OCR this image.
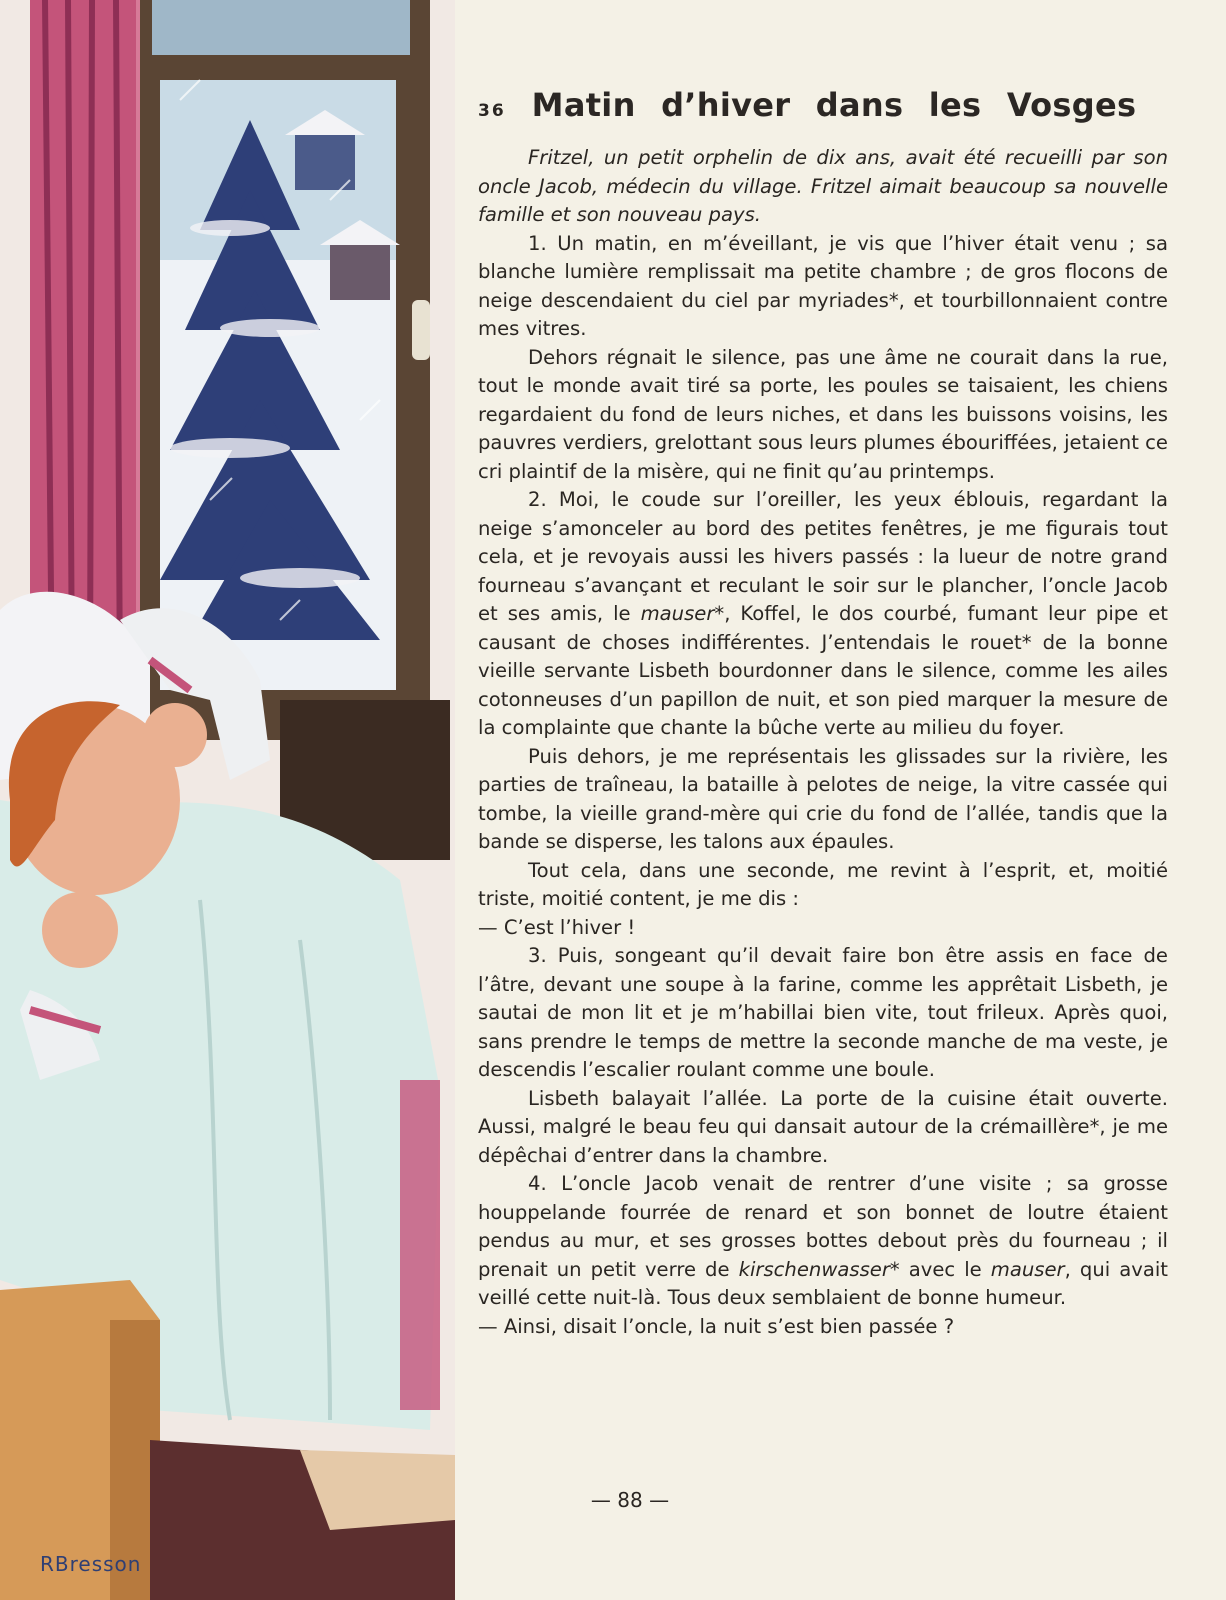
RBresson
36 Matin d’hiver dans les Vosges

Fritzel, un petit orphelin de dix ans, avait été recueilli par son oncle Jacob, médecin du village. Fritzel aimait beaucoup sa nouvelle famille et son nouveau pays.

1. Un matin, en m’éveillant, je vis que l’hiver était venu ; sa blanche lumière remplissait ma petite chambre ; de gros flocons de neige descendaient du ciel par myriades*, et tourbillonnaient contre mes vitres.

Dehors régnait le silence, pas une âme ne courait dans la rue, tout le monde avait tiré sa porte, les poules se taisaient, les chiens regardaient du fond de leurs niches, et dans les buissons voisins, les pauvres verdiers, grelottant sous leurs plumes ébouriffées, jetaient ce cri plaintif de la misère, qui ne finit qu’au printemps.

2. Moi, le coude sur l’oreiller, les yeux éblouis, regardant la neige s’amonceler au bord des petites fenêtres, je me figurais tout cela, et je revoyais aussi les hivers passés : la lueur de notre grand fourneau s’avançant et reculant le soir sur le plancher, l’oncle Jacob et ses amis, le mauser*, Koffel, le dos courbé, fumant leur pipe et causant de choses indifférentes. J’entendais le rouet* de la bonne vieille servante Lisbeth bourdonner dans le silence, comme les ailes cotonneuses d’un papillon de nuit, et son pied marquer la mesure de la complainte que chante la bûche verte au milieu du foyer.

Puis dehors, je me représentais les glissades sur la rivière, les parties de traîneau, la bataille à pelotes de neige, la vitre cassée qui tombe, la vieille grand-mère qui crie du fond de l’allée, tandis que la bande se disperse, les talons aux épaules.

Tout cela, dans une seconde, me revint à l’esprit, et, moitié triste, moitié content, je me dis :

— C’est l’hiver !

3. Puis, songeant qu’il devait faire bon être assis en face de l’âtre, devant une soupe à la farine, comme les apprêtait Lisbeth, je sautai de mon lit et je m’habillai bien vite, tout frileux. Après quoi, sans prendre le temps de mettre la seconde manche de ma veste, je descendis l’escalier roulant comme une boule.

Lisbeth balayait l’allée. La porte de la cuisine était ouverte. Aussi, malgré le beau feu qui dansait autour de la crémaillère*, je me dépêchai d’entrer dans la chambre.

4. L’oncle Jacob venait de rentrer d’une visite ; sa grosse houppelande fourrée de renard et son bonnet de loutre étaient pendus au mur, et ses grosses bottes debout près du fourneau ; il prenait un petit verre de kirschenwasser* avec le mauser, qui avait veillé cette nuit-là. Tous deux semblaient de bonne humeur.

— Ainsi, disait l’oncle, la nuit s’est bien passée ?

— 88 —
